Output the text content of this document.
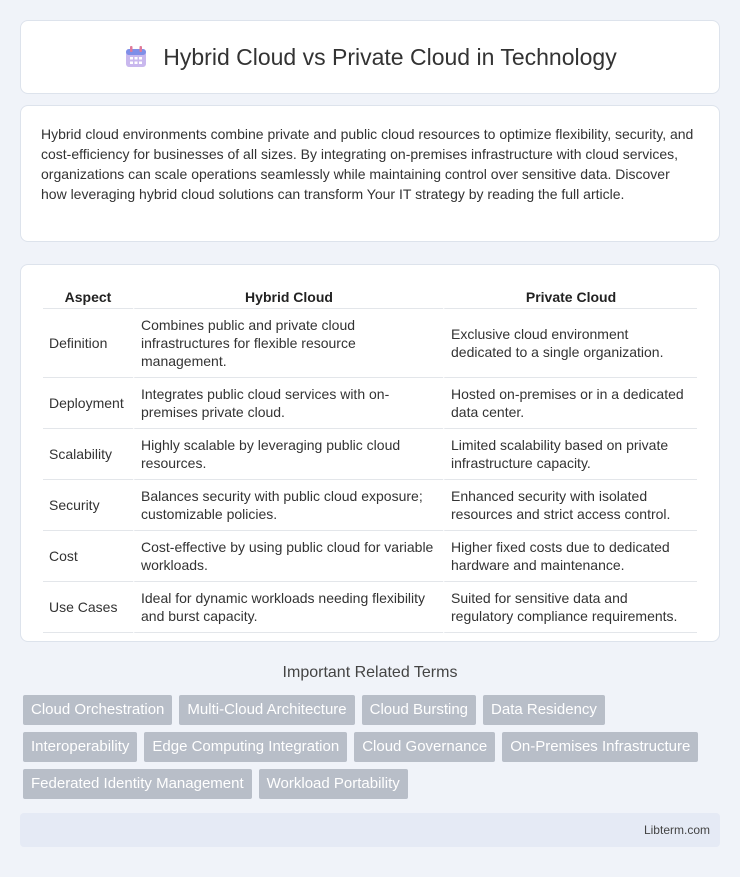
Hybrid Cloud vs Private Cloud in Technology

Hybrid cloud environments combine private and public cloud resources to optimize flexibility, security, and cost-efficiency for businesses of all sizes. By integrating on-premises infrastructure with cloud services, organizations can scale operations seamlessly while maintaining control over sensitive data. Discover how leveraging hybrid cloud solutions can transform Your IT strategy by reading the full article.

Aspect	Hybrid Cloud	Private Cloud
Definition	Combines public and private cloud infrastructures for flexible resource management.	Exclusive cloud environment dedicated to a single organization.
Deployment	Integrates public cloud services with on-premises private cloud.	Hosted on-premises or in a dedicated data center.
Scalability	Highly scalable by leveraging public cloud resources.	Limited scalability based on private infrastructure capacity.
Security	Balances security with public cloud exposure; customizable policies.	Enhanced security with isolated resources and strict access control.
Cost	Cost-effective by using public cloud for variable workloads.	Higher fixed costs due to dedicated hardware and maintenance.
Use Cases	Ideal for dynamic workloads needing flexibility and burst capacity.	Suited for sensitive data and regulatory compliance requirements.
Important Related Terms
Cloud Orchestration	Multi-Cloud Architecture	Cloud Bursting	Data Residency
Interoperability	Edge Computing Integration	Cloud Governance	On-Premises Infrastructure
Federated Identity Management	Workload Portability
Libterm.com
